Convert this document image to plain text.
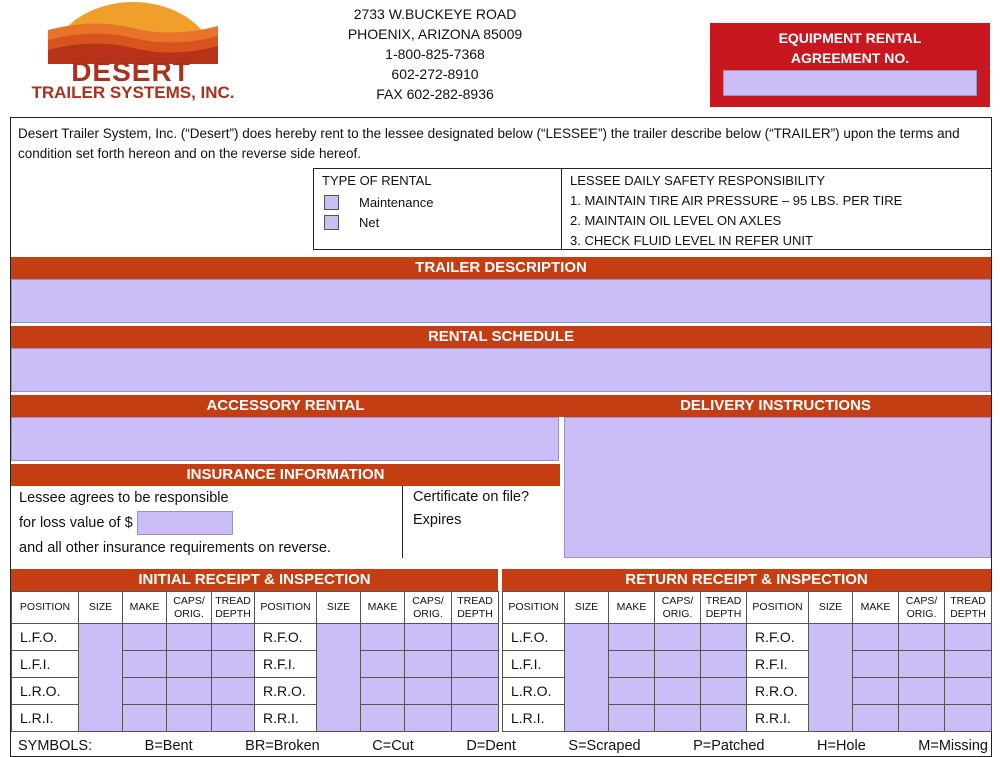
DESERT
TRAILER SYSTEMS, INC.
2733 W.BUCKEYE ROAD
PHOENIX, ARIZONA 85009
1-800-825-7368
602-272-8910
FAX 602-282-8936
EQUIPMENT RENTAL
AGREEMENT NO.
Desert Trailer System, Inc. (“Desert”) does hereby rent to the lessee designated below (“LESSEE”) the trailer describe below (“TRAILER”) upon the terms and condition set forth hereon and on the reverse side hereof.
TYPE OF RENTAL
Maintenance
Net
LESSEE DAILY SAFETY RESPONSIBILITY
1. MAINTAIN TIRE AIR PRESSURE – 95 LBS. PER TIRE
2. MAINTAIN OIL LEVEL ON AXLES
3. CHECK FLUID LEVEL IN REFER UNIT
TRAILER DESCRIPTION
RENTAL SCHEDULE
ACCESSORY RENTAL	DELIVERY INSTRUCTIONS
INSURANCE INFORMATION
Lessee agrees to be responsible
for loss value of $
and all other insurance requirements on reverse.
Certificate on file?
Expires
INITIAL RECEIPT & INSPECTION	RETURN RECEIPT & INSPECTION
POSITION	SIZE	MAKE	CAPS/ ORIG.	TREAD DEPTH	POSITION	SIZE	MAKE	CAPS/ ORIG.	TREAD DEPTH
L.F.O.					R.F.O.				
L.F.I.					R.F.I.				
L.R.O.					R.R.O.				
L.R.I.					R.R.I.				
POSITION	SIZE	MAKE	CAPS/ ORIG.	TREAD DEPTH	POSITION	SIZE	MAKE	CAPS/ ORIG.	TREAD DEPTH
L.F.O.					R.F.O.				
L.F.I.					R.F.I.				
L.R.O.					R.R.O.				
L.R.I.					R.R.I.				
SYMBOLS:	B=Bent	BR=Broken	C=Cut	D=Dent	S=Scraped	P=Patched	H=Hole	M=Missing
